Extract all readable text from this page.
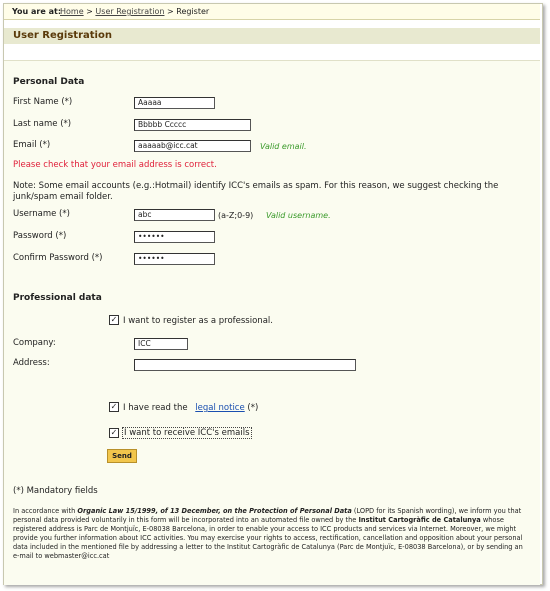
You are at:
Home > User Registration > Register
User Registration
Personal Data
First Name (*)	Aaaaa
Last name (*)	Bbbbb Ccccc
Email (*)	aaaaab@icc.cat	Valid email.
Please check that your email address is correct.
Note: Some email accounts (e.g.:Hotmail) identify ICC's emails as spam. For this reason, we suggest checking the junk/spam email folder.
Username (*)	abc	(a-Z;0-9) Valid username.
Password (*)	••••••
Confirm Password (*)	••••••
Professional data
✓ I want to register as a professional.
Company:	ICC
Address:
✓ I have read the legal notice (*)
✓ I want to receive ICC's emails
Send
(*) Mandatory fields
In accordance with Organic Law 15/1999, of 13 December, on the Protection of Personal Data (LOPD for its Spanish wording), we inform you that personal data provided voluntarily in this form will be incorporated into an automated file owned by the Institut Cartogràfic de Catalunya whose registered address is Parc de Montjuïc, E-08038 Barcelona, in order to enable your access to ICC products and services via Internet. Moreover, we might provide you further information about ICC activities. You may exercise your rights to access, rectification, cancellation and opposition about your personal data included in the mentioned file by addressing a letter to the Institut Cartogràfic de Catalunya (Parc de Montjuïc, E-08038 Barcelona), or by sending an e-mail to webmaster@icc.cat
